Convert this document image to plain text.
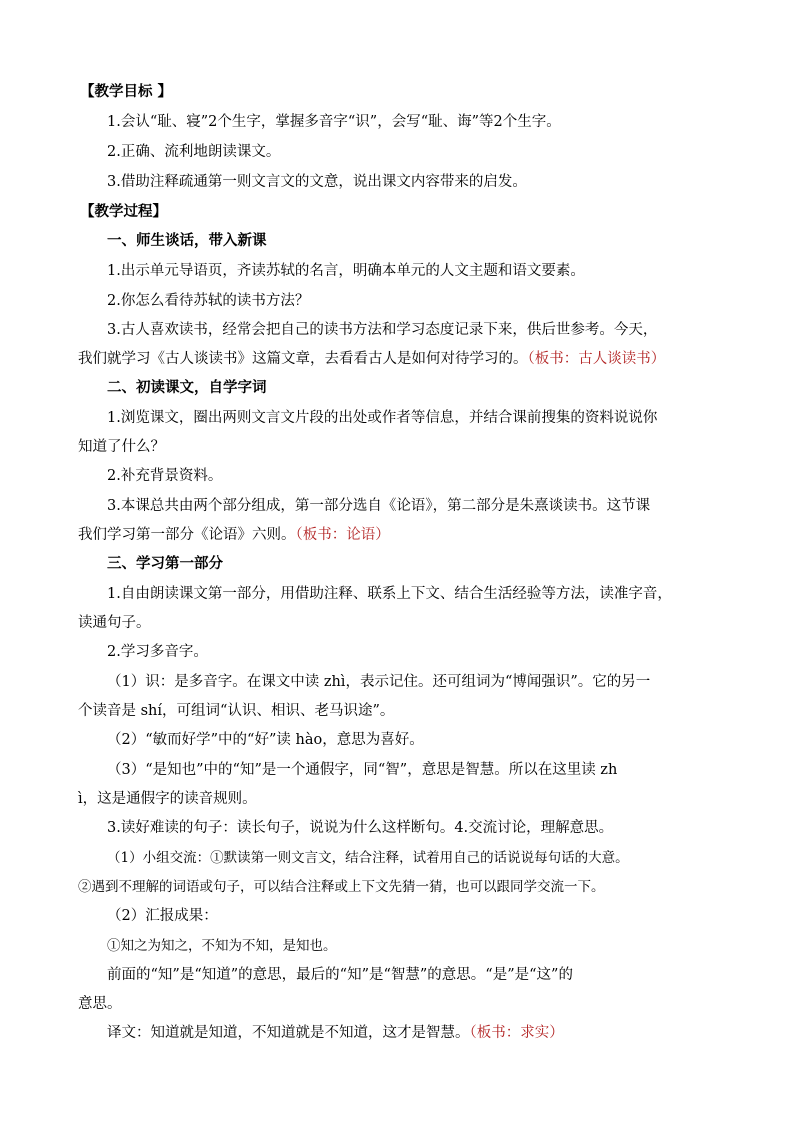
【教学目标 】
1.会认“耻、寝”2个生字，掌握多音字“识”，会写“耻、诲”等2个生字。
2.正确、流利地朗读课文。
3.借助注释疏通第一则文言文的文意，说出课文内容带来的启发。
【教学过程】
一、师生谈话，带入新课
1.出示单元导语页，齐读苏轼的名言，明确本单元的人文主题和语文要素。
2.你怎么看待苏轼的读书方法？
3.古人喜欢读书，经常会把自己的读书方法和学习态度记录下来，供后世参考。今天，
我们就学习《古人谈读书》这篇文章，去看看古人是如何对待学习的。（板书：古人谈读书）
二、初读课文，自学字词
1.浏览课文，圈出两则文言文片段的出处或作者等信息，并结合课前搜集的资料说说你
知道了什么？
2.补充背景资料。
3.本课总共由两个部分组成，第一部分选自《论语》，第二部分是朱熹谈读书。这节课
我们学习第一部分《论语》六则。（板书：论语）
三、学习第一部分
1.自由朗读课文第一部分，用借助注释、联系上下文、结合生活经验等方法，读准字音，
读通句子。
2.学习多音字。
（1）识：是多音字。在课文中读 zhì，表示记住。还可组词为“博闻强识”。它的另一
个读音是 shí，可组词“认识、相识、老马识途”。
（2）“敏而好学”中的“好”读 hào，意思为喜好。
（3）“是知也”中的“知”是一个通假字，同“智”，意思是智慧。所以在这里读 zh
ì，这是通假字的读音规则。
3.读好难读的句子：读长句子，说说为什么这样断句。4.交流讨论，理解意思。
（1）小组交流：①默读第一则文言文，结合注释，试着用自己的话说说每句话的大意。
②遇到不理解的词语或句子，可以结合注释或上下文先猜一猜，也可以跟同学交流一下。
（2）汇报成果：
①知之为知之，不知为不知，是知也。
前面的“知”是“知道”的意思，最后的“知”是“智慧”的意思。“是”是“这”的
意思。
译文：知道就是知道，不知道就是不知道，这才是智慧。（板书：求实）
